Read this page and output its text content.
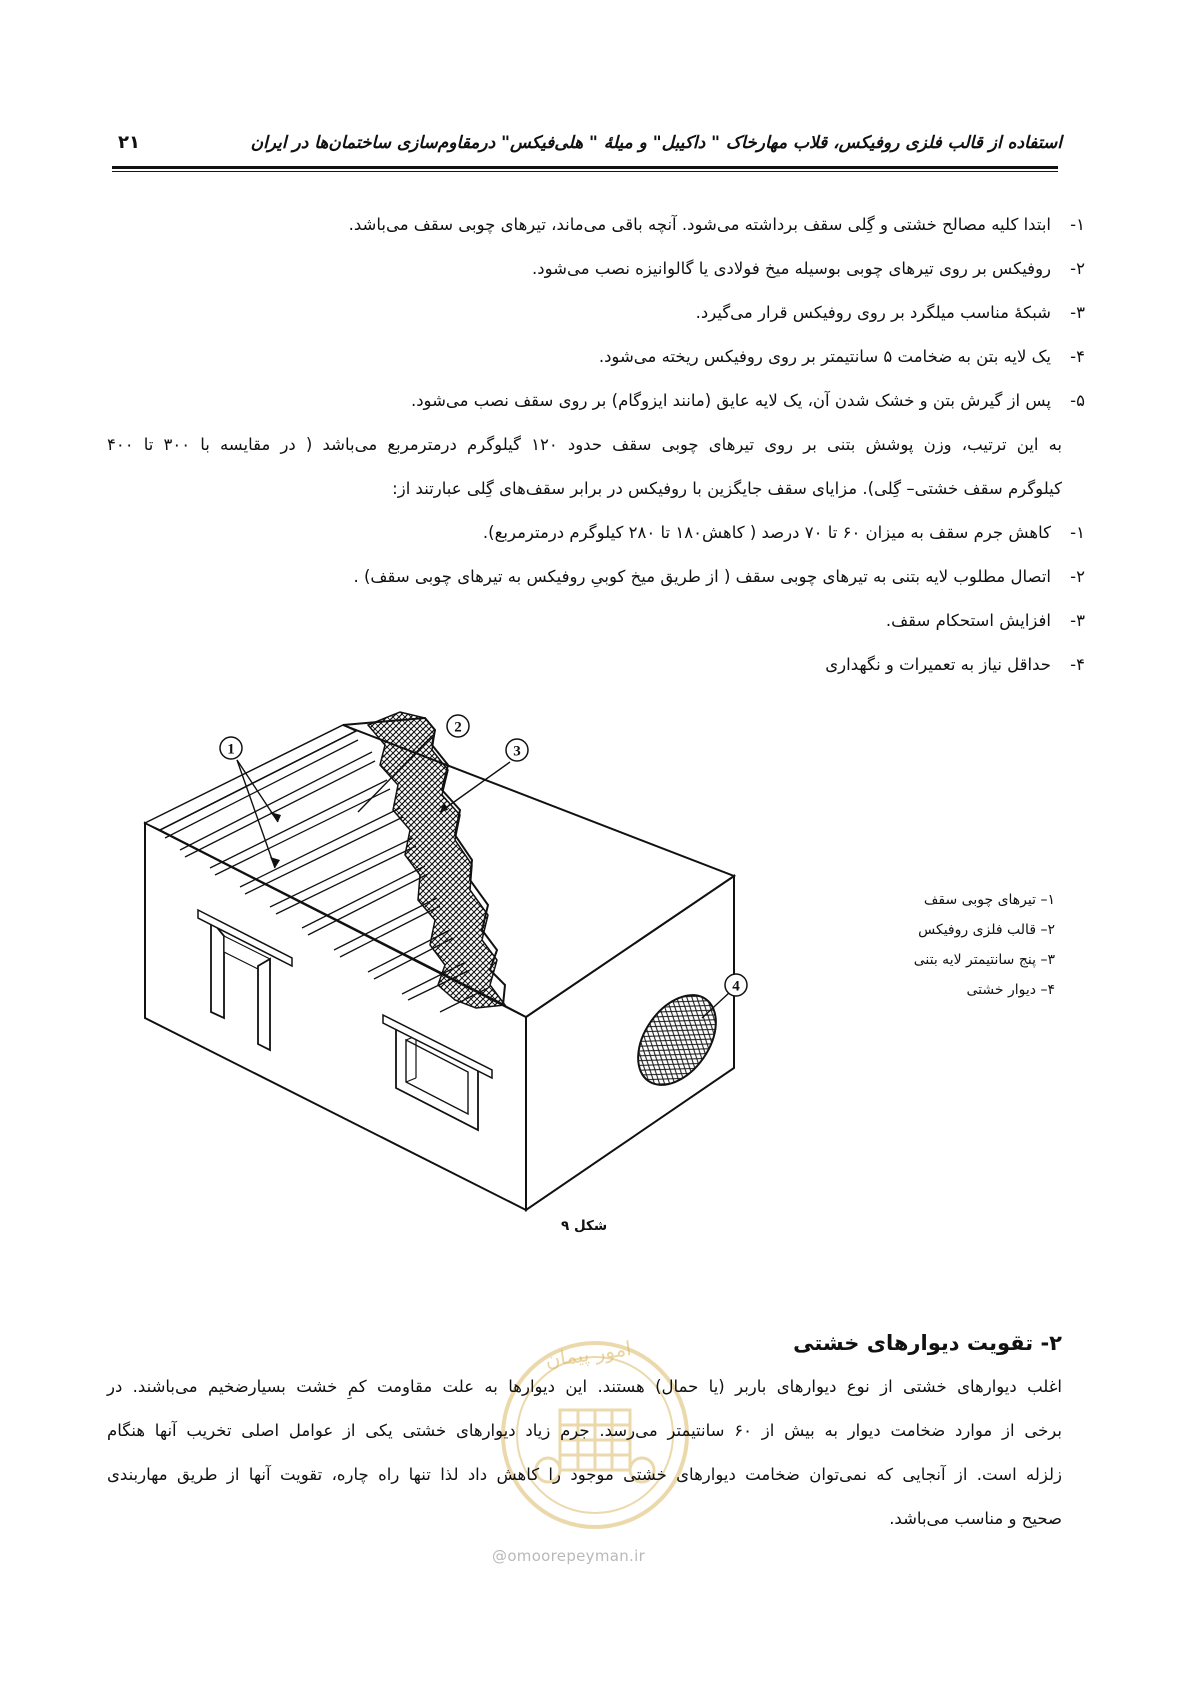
استفاده از قالب فلزی روفیکس، قلاب مهارخاک " داکیبل" و میلهٔ " هلی‌فیکس" درمقاوم‌سازی ساختمان‌ها در ایران
۲۱
۱-ابتدا کلیه مصالح خشتی و گِلی سقف برداشته می‌شود. آنچه باقی می‌ماند، تیرهای چوبی سقف می‌باشد.
۲-روفیکس بر روی تیرهای چوبی بوسیله میخ فولادی یا گالوانیزه نصب می‌شود.
۳-شبکهٔ مناسب میلگرد بر روی روفیکس قرار می‌گیرد.
۴-یک لایه بتن به ضخامت ۵ سانتیمتر بر روی روفیکس ریخته می‌شود.
۵-پس از گیرش بتن و خشک شدن آن، یک لایه عایق (مانند ایزوگام) بر روی سقف نصب می‌شود.
به این ترتیب، وزن پوشش بتنی بر روی تیرهای چوبی سقف حدود ۱۲۰ گیلوگرم درمترمربع می‌باشد ( در مقایسه با ۳۰۰ تا ۴۰۰
کیلوگرم سقف خشتی– گِلی). مزایای سقف جایگزین با روفیکس در برابر سقف‌های گِلی عبارتند از:
۱-کاهش جرم سقف به میزان ۶۰ تا ۷۰ درصد ( کاهش۱۸۰ تا ۲۸۰ کیلوگرم درمترمربع).
۲-اتصال مطلوب لایه بتنی به تیرهای چوبی سقف ( از طریق میخ کوبیِ روفیکس به تیرهای چوبی سقف) .
۳-افزایش استحکام سقف.
۴-حداقل نیاز به تعمیرات و نگهداری
1
2
3
4
۱– تیرهای چوبی سقف
۲– قالب فلزی روفیکس
۳– پنج سانتیمتر لایه بتنی
۴– دیوار خشتی
شکل ۹
امور پیمان	۲- تقویت دیوارهای خشتی
اغلب دیوارهای خشتی از نوع دیوارهای باربر (یا حمال) هستند. این دیوارها به علت مقاومت کمِ خشت بسیارضخیم می‌باشند. در
برخی از موارد ضخامت دیوار به بیش از ۶۰ سانتیمتر می‌رسد. جرم زیاد دیوارهای خشتی یکی از عوامل اصلی تخریب آنها هنگام
زلزله است. از آنجایی که نمی‌توان ضخامت دیوارهای خشتی موجود را کاهش داد لذا تنها راه چاره، تقویت آنها از طریق مهاربندی
صحیح و مناسب می‌باشد.
@omoorepeyman.ir
